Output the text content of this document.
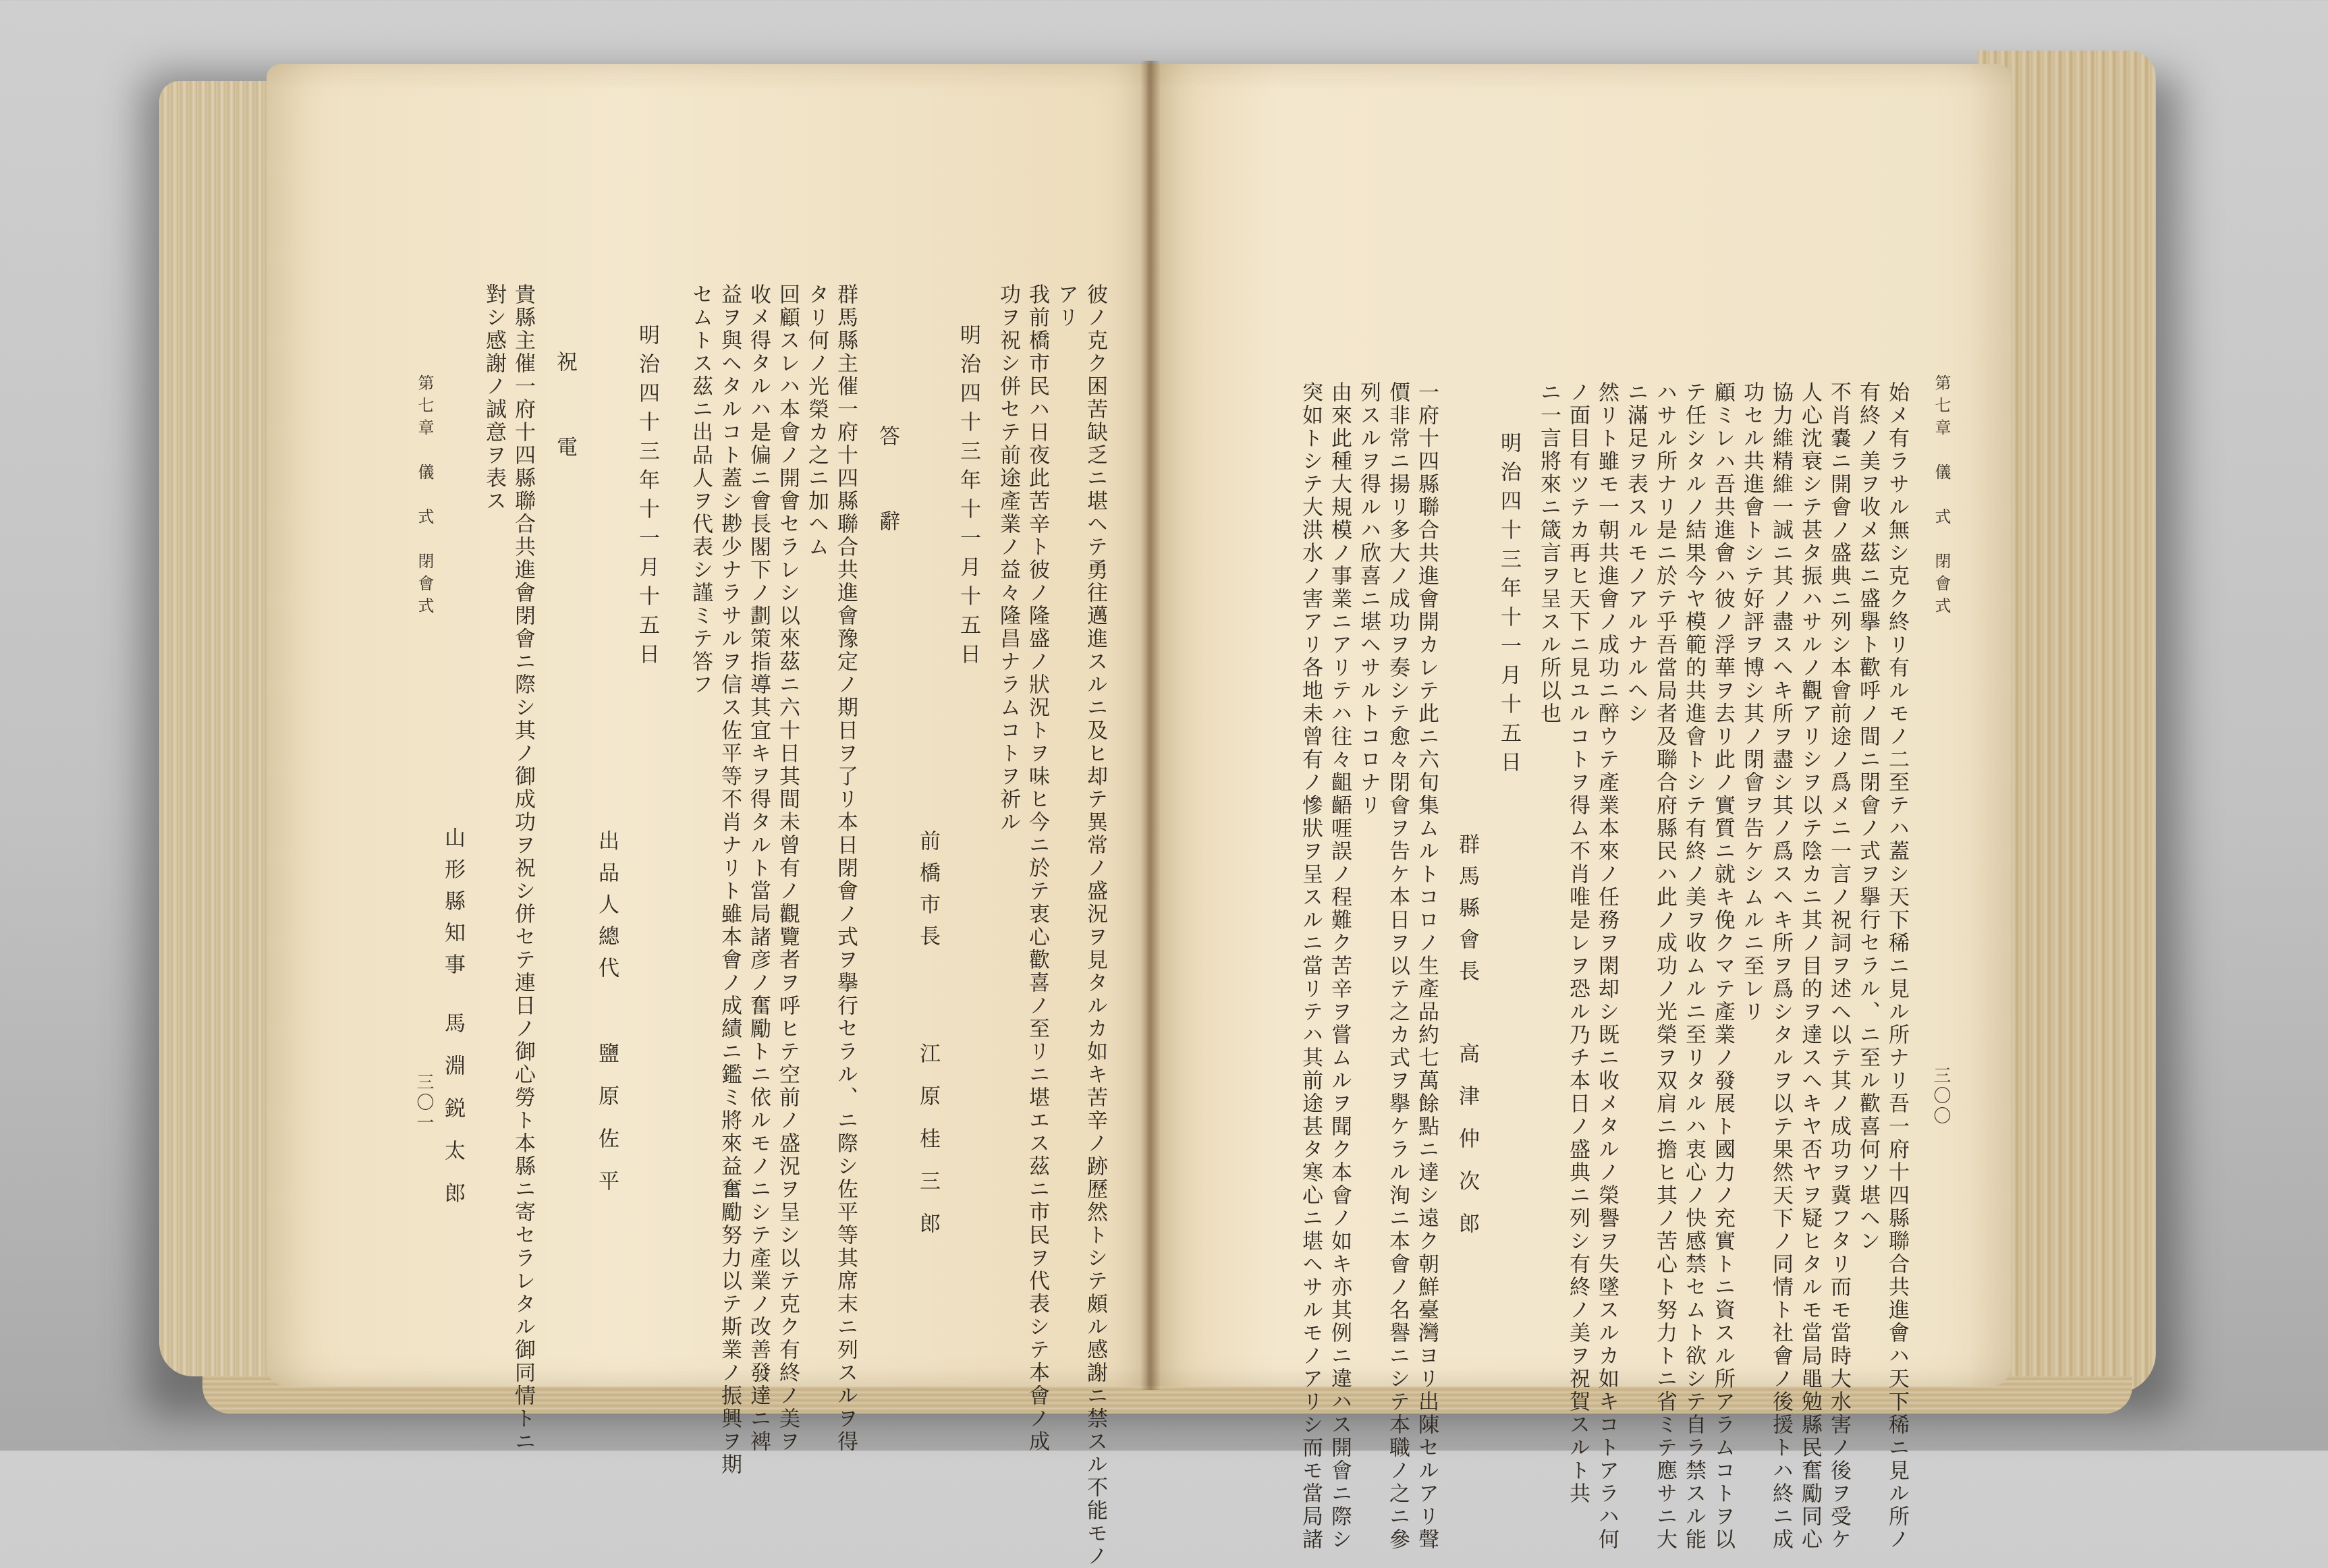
第七章　儀　式　閉會式
三〇〇
始メ有ラサル無シ克ク終リ有ルモノ二至テハ蓋シ天下稀ニ見ル所ナリ吾一府十四縣聯合共進會ハ天下稀ニ見ル所ノ
有終ノ美ヲ收メ茲ニ盛擧ト歡呼ノ間ニ閉會ノ式ヲ擧行セラル、ニ至ル歡喜何ソ堪ヘン
不肖嚢ニ開會ノ盛典ニ列シ本會前途ノ爲メニ一言ノ祝詞ヲ述ヘ以テ其ノ成功ヲ冀フタリ而モ當時大水害ノ後ヲ受ケ
人心沈衰シテ甚タ振ハサルノ觀アリシヲ以テ陰カニ其ノ目的ヲ達スヘキヤ否ヤヲ疑ヒタルモ當局黽勉縣民奮勵同心
協力維精維一誠ニ其ノ盡スヘキ所ヲ盡シ其ノ爲スヘキ所ヲ爲シタルヲ以テ果然天下ノ同情ト社會ノ後援トハ終ニ成
功セル共進會トシテ好評ヲ博シ其ノ閉會ヲ告ケシムルニ至レリ
顧ミレハ吾共進會ハ彼ノ浮華ヲ去リ此ノ實質ニ就キ俛クマテ產業ノ發展ト國力ノ充實トニ資スル所アラムコトヲ以
テ任シタルノ結果今ヤ模範的共進會トシテ有終ノ美ヲ收ムルニ至リタルハ衷心ノ快感禁セムト欲シテ自ラ禁スル能
ハサル所ナリ是ニ於テ乎吾當局者及聯合府縣民ハ此ノ成功ノ光榮ヲ双肩ニ擔ヒ其ノ苦心ト努力トニ省ミテ應サニ大
ニ滿足ヲ表スルモノアルナルヘシ
然リト雖モ一朝共進會ノ成功ニ醉ウテ產業本來ノ任務ヲ閑却シ既ニ收メタルノ榮譽ヲ失墜スルカ如キコトアラハ何
ノ面目有ツテカ再ヒ天下ニ見ユルコトヲ得ム不肖唯是レヲ恐ル乃チ本日ノ盛典ニ列シ有終ノ美ヲ祝賀スルト共
ニ一言將來ニ箴言ヲ呈スル所以也
明治四十三年十一月十五日
群馬縣會長
高津仲次郎
一府十四縣聯合共進會開カレテ此ニ六旬集ムルトコロノ生產品約七萬餘點ニ達シ遠ク朝鮮臺灣ヨリ出陳セルアリ聲
價非常ニ揚リ多大ノ成功ヲ奏シテ愈々閉會ヲ告ケ本日ヲ以テ之カ式ヲ擧ケラル洵ニ本會ノ名譽ニシテ本職ノ之ニ參
列スルヲ得ルハ欣喜ニ堪ヘサルトコロナリ
由來此種大規模ノ事業ニアリテハ往々齟齬啀誤ノ程難ク苦辛ヲ嘗ムルヲ聞ク本會ノ如キ亦其例ニ違ハス開會ニ際シ
突如トシテ大洪水ノ害アリ各地未曾有ノ慘狀ヲ呈スルニ當リテハ其前途甚タ寒心ニ堪ヘサルモノアリシ而モ當局諸
彼ノ克ク困苦缺乏ニ堪ヘテ勇往邁進スルニ及ヒ却テ異常ノ盛況ヲ見タルカ如キ苦辛ノ跡歷然トシテ頗ル感謝ニ禁スル不能モノ
アリ
我前橋市民ハ日夜此苦辛ト彼ノ隆盛ノ狀況トヲ味ヒ今ニ於テ衷心歡喜ノ至リニ堪エス茲ニ市民ヲ代表シテ本會ノ成
功ヲ祝シ併セテ前途產業ノ益々隆昌ナラムコトヲ祈ル
明治四十三年十一月十五日
前橋市長
江原桂三郎
答　辭
群馬縣主催一府十四縣聯合共進會豫定ノ期日ヲ了リ本日閉會ノ式ヲ擧行セラル、ニ際シ佐平等其席末ニ列スルヲ得
タリ何ノ光榮カ之ニ加ヘム
回顧スレハ本會ノ開會セラレシ以來茲ニ六十日其間未曾有ノ觀覽者ヲ呼ヒテ空前ノ盛況ヲ呈シ以テ克ク有終ノ美ヲ
收メ得タルハ是偏ニ會長閣下ノ劃策指導其宜キヲ得タルト當局諸彦ノ奮勵トニ依ルモノニシテ產業ノ改善發達ニ裨
益ヲ與ヘタルコト蓋シ尠少ナラサルヲ信ス佐平等不肖ナリト雖本會ノ成績ニ鑑ミ將來益奮勵努力以テ斯業ノ振興ヲ期
セムトス茲ニ出品人ヲ代表シ謹ミテ答フ
明治四十三年十一月十五日
出品人總代
鹽原佐平
祝　電
貴縣主催一府十四縣聯合共進會閉會ニ際シ其ノ御成功ヲ祝シ併セテ連日ノ御心勞ト本縣ニ寄セラレタル御同情トニ
對シ感謝ノ誠意ヲ表ス
山形縣知事
馬淵鋭太郎
第七章　儀　式　閉會式
三〇一
